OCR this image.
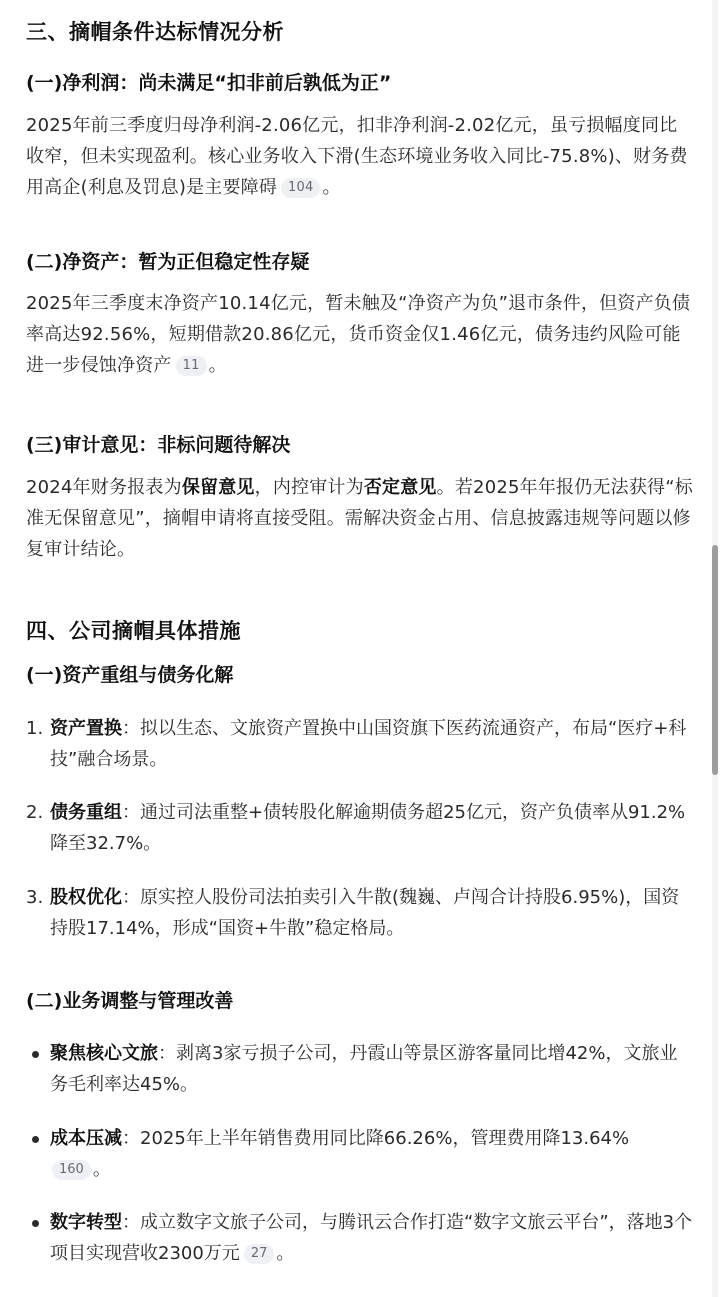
三、摘帽条件达标情况分析
(一)净利润：尚未满足“扣非前后孰低为正”
2025年前三季度归母净利润-2.06亿元，扣非净利润-2.02亿元，虽亏损幅度同比收窄，但未实现盈利。核心业务收入下滑(生态环境业务收入同比-75.8%)、财务费用高企(利息及罚息)是主要障碍 104 。
(二)净资产：暂为正但稳定性存疑
2025年三季度末净资产10.14亿元，暂未触及“净资产为负”退市条件，但资产负债率高达92.56%，短期借款20.86亿元，货币资金仅1.46亿元，债务违约风险可能进一步侵蚀净资产 11 。
(三)审计意见：非标问题待解决
2024年财务报表为保留意见，内控审计为否定意见。若2025年年报仍无法获得“标准无保留意见”，摘帽申请将直接受阻。需解决资金占用、信息披露违规等问题以修复审计结论。
四、公司摘帽具体措施
(一)资产重组与债务化解
1. 资产置换：拟以生态、文旅资产置换中山国资旗下医药流通资产，布局“医疗+科技”融合场景。
2. 债务重组：通过司法重整+债转股化解逾期债务超25亿元，资产负债率从91.2%降至32.7%。
3. 股权优化：原实控人股份司法拍卖引入牛散(魏巍、卢闯合计持股6.95%)，国资持股17.14%，形成“国资+牛散”稳定格局。
(二)业务调整与管理改善
聚焦核心文旅：剥离3家亏损子公司，丹霞山等景区游客量同比增42%，文旅业务毛利率达45%。
成本压减：2025年上半年销售费用同比降66.26%，管理费用降13.64%
160 。
数字转型：成立数字文旅子公司，与腾讯云合作打造“数字文旅云平台”，落地3个项目实现营收2300万元 27 。
